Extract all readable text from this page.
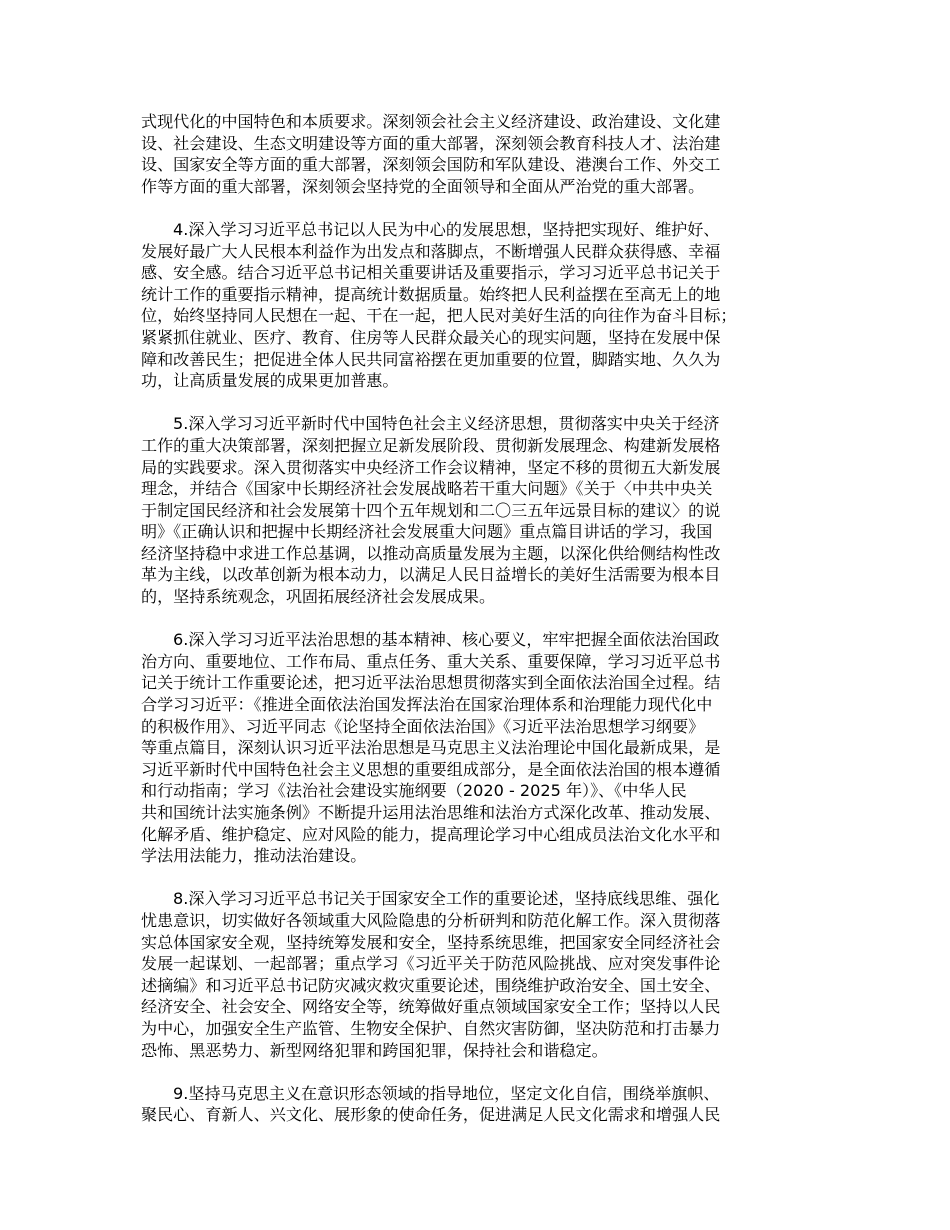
式现代化的中国特色和本质要求。深刻领会社会主义经济建设、政治建设、文化建
设、社会建设、生态文明建设等方面的重大部署，深刻领会教育科技人才、法治建
设、国家安全等方面的重大部署，深刻领会国防和军队建设、港澳台工作、外交工
作等方面的重大部署，深刻领会坚持党的全面领导和全面从严治党的重大部署。
4.深入学习习近平总书记以人民为中心的发展思想，坚持把实现好、维护好、
发展好最广大人民根本利益作为出发点和落脚点，不断增强人民群众获得感、幸福
感、安全感。结合习近平总书记相关重要讲话及重要指示，学习习近平总书记关于
统计工作的重要指示精神，提高统计数据质量。始终把人民利益摆在至高无上的地
位，始终坚持同人民想在一起、干在一起，把人民对美好生活的向往作为奋斗目标；
紧紧抓住就业、医疗、教育、住房等人民群众最关心的现实问题，坚持在发展中保
障和改善民生；把促进全体人民共同富裕摆在更加重要的位置，脚踏实地、久久为
功，让高质量发展的成果更加普惠。
5.深入学习习近平新时代中国特色社会主义经济思想，贯彻落实中央关于经济
工作的重大决策部署，深刻把握立足新发展阶段、贯彻新发展理念、构建新发展格
局的实践要求。深入贯彻落实中央经济工作会议精神，坚定不移的贯彻五大新发展
理念，并结合《国家中长期经济社会发展战略若干重大问题》《关于〈中共中央关
于制定国民经济和社会发展第十四个五年规划和二〇三五年远景目标的建议〉的说
明》《正确认识和把握中长期经济社会发展重大问题》重点篇目讲话的学习，我国
经济坚持稳中求进工作总基调，以推动高质量发展为主题，以深化供给侧结构性改
革为主线，以改革创新为根本动力，以满足人民日益增长的美好生活需要为根本目
的，坚持系统观念，巩固拓展经济社会发展成果。
6.深入学习习近平法治思想的基本精神、核心要义，牢牢把握全面依法治国政
治方向、重要地位、工作布局、重点任务、重大关系、重要保障，学习习近平总书
记关于统计工作重要论述，把习近平法治思想贯彻落实到全面依法治国全过程。结
合学习习近平：《推进全面依法治国发挥法治在国家治理体系和治理能力现代化中
的积极作用》、习近平同志《论坚持全面依法治国》《习近平法治思想学习纲要》
等重点篇目，深刻认识习近平法治思想是马克思主义法治理论中国化最新成果，是
习近平新时代中国特色社会主义思想的重要组成部分，是全面依法治国的根本遵循
和行动指南；学习《法治社会建设实施纲要（2020 - 2025 年）》、《中华人民
共和国统计法实施条例》不断提升运用法治思维和法治方式深化改革、推动发展、
化解矛盾、维护稳定、应对风险的能力，提高理论学习中心组成员法治文化水平和
学法用法能力，推动法治建设。
8.深入学习习近平总书记关于国家安全工作的重要论述，坚持底线思维、强化
忧患意识，切实做好各领域重大风险隐患的分析研判和防范化解工作。深入贯彻落
实总体国家安全观，坚持统筹发展和安全，坚持系统思维，把国家安全同经济社会
发展一起谋划、一起部署；重点学习《习近平关于防范风险挑战、应对突发事件论
述摘编》和习近平总书记防灾减灾救灾重要论述，围绕维护政治安全、国土安全、
经济安全、社会安全、网络安全等，统筹做好重点领域国家安全工作；坚持以人民
为中心，加强安全生产监管、生物安全保护、自然灾害防御，坚决防范和打击暴力
恐怖、黑恶势力、新型网络犯罪和跨国犯罪，保持社会和谐稳定。
9.坚持马克思主义在意识形态领域的指导地位，坚定文化自信，围绕举旗帜、
聚民心、育新人、兴文化、展形象的使命任务，促进满足人民文化需求和增强人民
